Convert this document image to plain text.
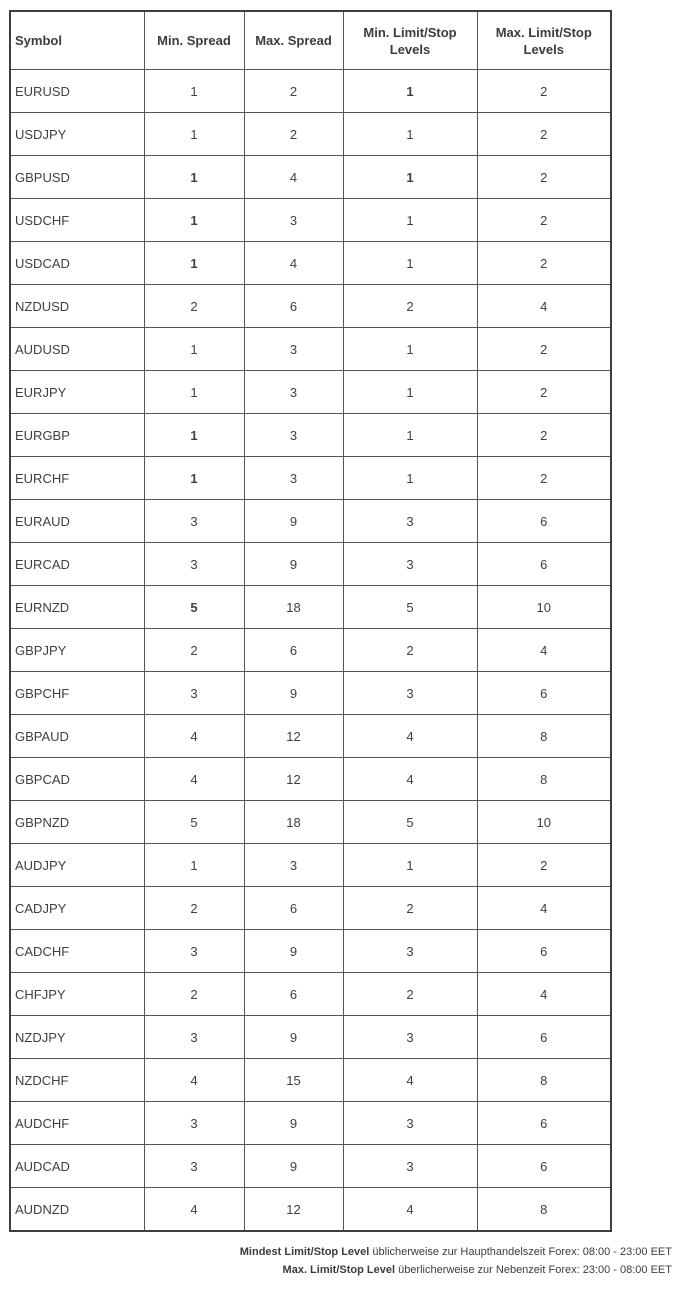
Symbol	Min. Spread	Max. Spread	Min. Limit/Stop Levels	Max. Limit/Stop Levels
EURUSD	1	2	1	2
USDJPY	1	2	1	2
GBPUSD	1	4	1	2
USDCHF	1	3	1	2
USDCAD	1	4	1	2
NZDUSD	2	6	2	4
AUDUSD	1	3	1	2
EURJPY	1	3	1	2
EURGBP	1	3	1	2
EURCHF	1	3	1	2
EURAUD	3	9	3	6
EURCAD	3	9	3	6
EURNZD	5	18	5	10
GBPJPY	2	6	2	4
GBPCHF	3	9	3	6
GBPAUD	4	12	4	8
GBPCAD	4	12	4	8
GBPNZD	5	18	5	10
AUDJPY	1	3	1	2
CADJPY	2	6	2	4
CADCHF	3	9	3	6
CHFJPY	2	6	2	4
NZDJPY	3	9	3	6
NZDCHF	4	15	4	8
AUDCHF	3	9	3	6
AUDCAD	3	9	3	6
AUDNZD	4	12	4	8
Mindest Limit/Stop Level üblicherweise zur Haupthandelszeit Forex: 08:00 - 23:00 EET
Max. Limit/Stop Level überlicherweise zur Nebenzeit Forex: 23:00 - 08:00 EET
